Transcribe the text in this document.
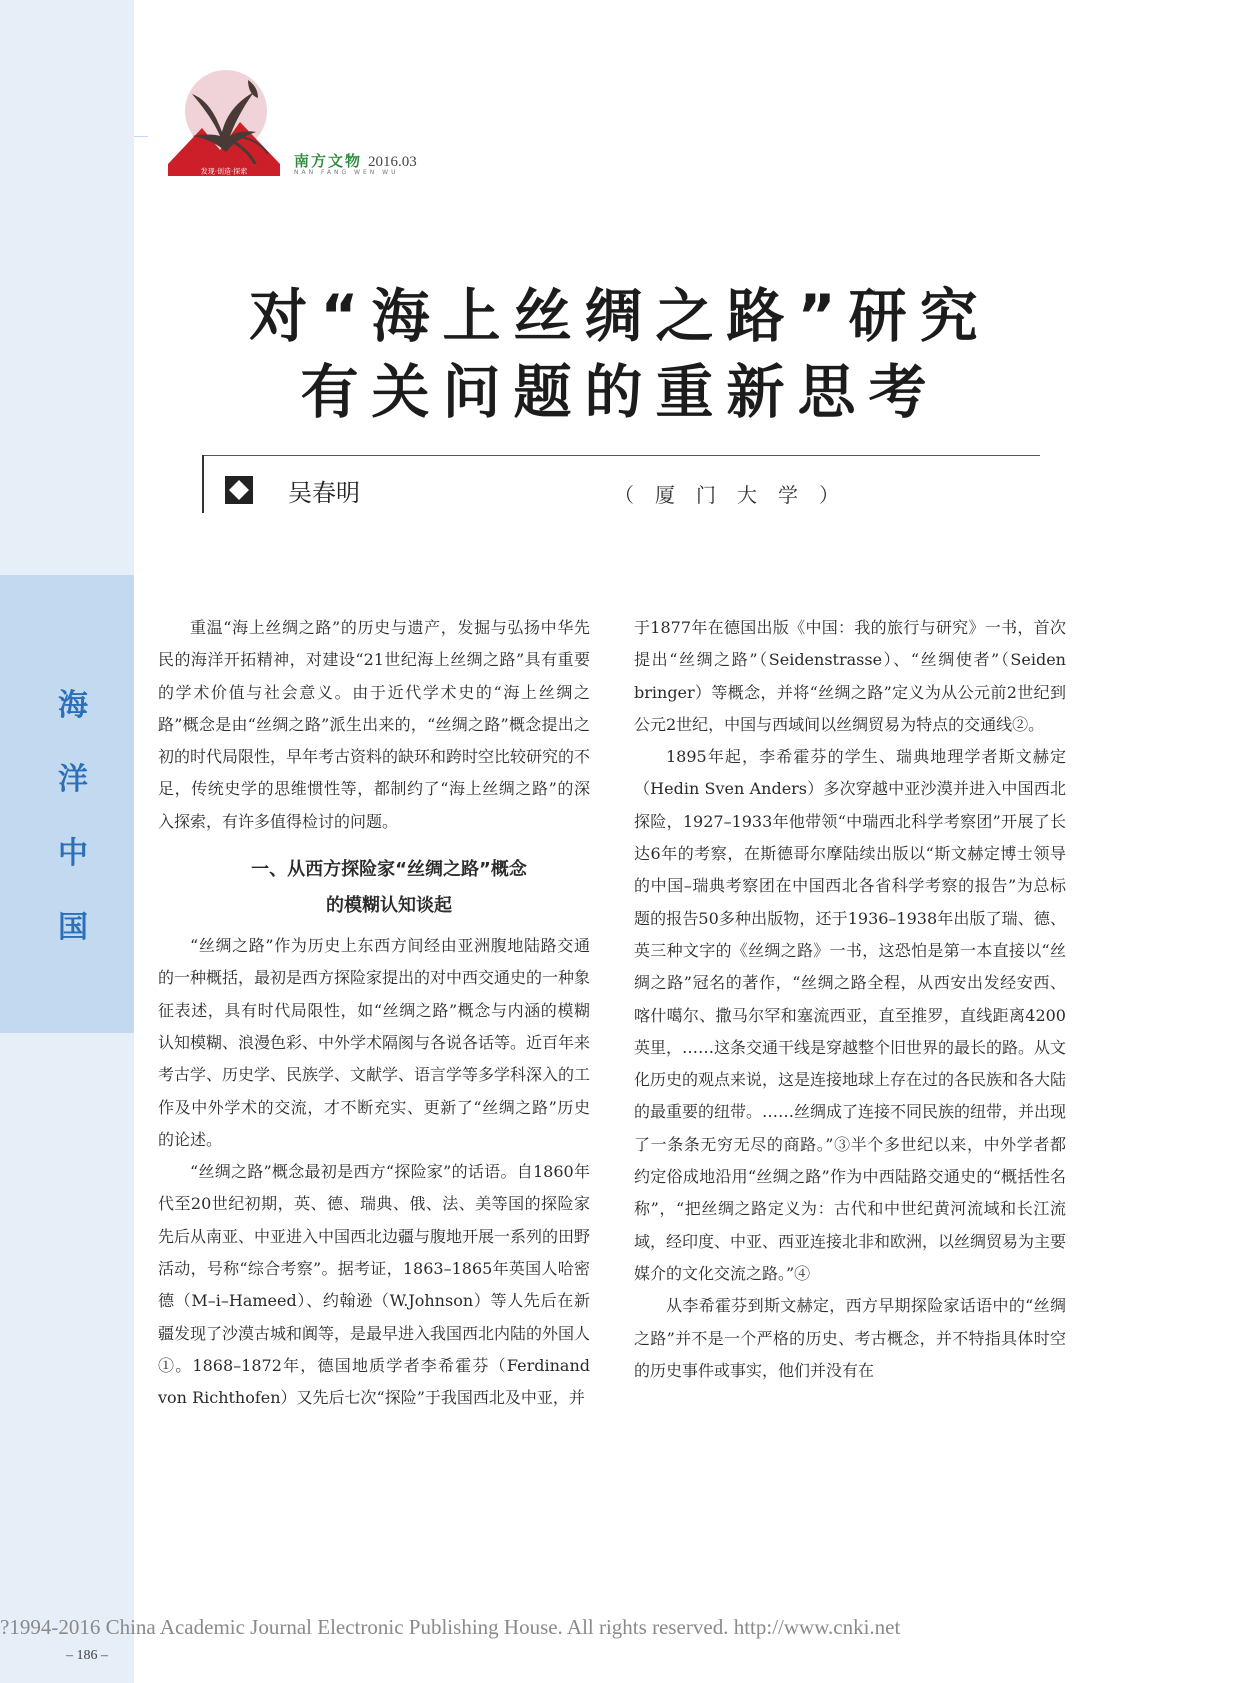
海
洋
中
国
发现·创造·探索
南方文物 2016.03
NAN FANG WEN WU
对“海上丝绸之路”研究
有关问题的重新思考
吴春明	（厦门大学）

重温“海上丝绸之路”的历史与遗产，发掘与弘扬中华先民的海洋开拓精神，对建设“21世纪海上丝绸之路”具有重要的学术价值与社会意义。由于近代学术史的“海上丝绸之路”概念是由“丝绸之路”派生出来的，“丝绸之路”概念提出之初的时代局限性，早年考古资料的缺环和跨时空比较研究的不足，传统史学的思维惯性等，都制约了“海上丝绸之路”的深入探索，有许多值得检讨的问题。

一、从西方探险家“丝绸之路”概念
的模糊认知谈起

“丝绸之路”作为历史上东西方间经由亚洲腹地陆路交通的一种概括，最初是西方探险家提出的对中西交通史的一种象征表述，具有时代局限性，如“丝绸之路”概念与内涵的模糊认知模糊、浪漫色彩、中外学术隔阂与各说各话等。近百年来考古学、历史学、民族学、文献学、语言学等多学科深入的工作及中外学术的交流，才不断充实、更新了“丝绸之路”历史的论述。

“丝绸之路”概念最初是西方“探险家”的话语。自1860年代至20世纪初期，英、德、瑞典、俄、法、美等国的探险家先后从南亚、中亚进入中国西北边疆与腹地开展一系列的田野活动，号称“综合考察”。据考证，1863–1865年英国人哈密德（M–i–Hameed）、约翰逊（W.Johnson）等人先后在新疆发现了沙漠古城和阗等，是最早进入我国西北内陆的外国人①。1868–1872年，德国地质学者李希霍芬（Ferdinand von Richthofen）又先后七次“探险”于我国西北及中亚，并

于1877年在德国出版《中国：我的旅行与研究》一书，首次提出“丝绸之路”（Seidenstrasse）、“丝绸使者”（Seiden bringer）等概念，并将“丝绸之路”定义为从公元前2世纪到公元2世纪，中国与西域间以丝绸贸易为特点的交通线②。

1895年起，李希霍芬的学生、瑞典地理学者斯文赫定（Hedin Sven Anders）多次穿越中亚沙漠并进入中国西北探险，1927–1933年他带领“中瑞西北科学考察团”开展了长达6年的考察，在斯德哥尔摩陆续出版以“斯文赫定博士领导的中国–瑞典考察团在中国西北各省科学考察的报告”为总标题的报告50多种出版物，还于1936–1938年出版了瑞、德、英三种文字的《丝绸之路》一书，这恐怕是第一本直接以“丝绸之路”冠名的著作，“丝绸之路全程，从西安出发经安西、喀什噶尔、撒马尔罕和塞流西亚，直至推罗，直线距离4200英里，……这条交通干线是穿越整个旧世界的最长的路。从文化历史的观点来说，这是连接地球上存在过的各民族和各大陆的最重要的纽带。……丝绸成了连接不同民族的纽带，并出现了一条条无穷无尽的商路。”③半个多世纪以来，中外学者都约定俗成地沿用“丝绸之路”作为中西陆路交通史的“概括性名称”，“把丝绸之路定义为：古代和中世纪黄河流域和长江流域，经印度、中亚、西亚连接北非和欧洲，以丝绸贸易为主要媒介的文化交流之路。”④

从李希霍芬到斯文赫定，西方早期探险家话语中的“丝绸之路”并不是一个严格的历史、考古概念，并不特指具体时空的历史事件或事实，他们并没有在

?1994-2016 China Academic Journal Electronic Publishing House. All rights reserved. http://www.cnki.net
– 186 –
